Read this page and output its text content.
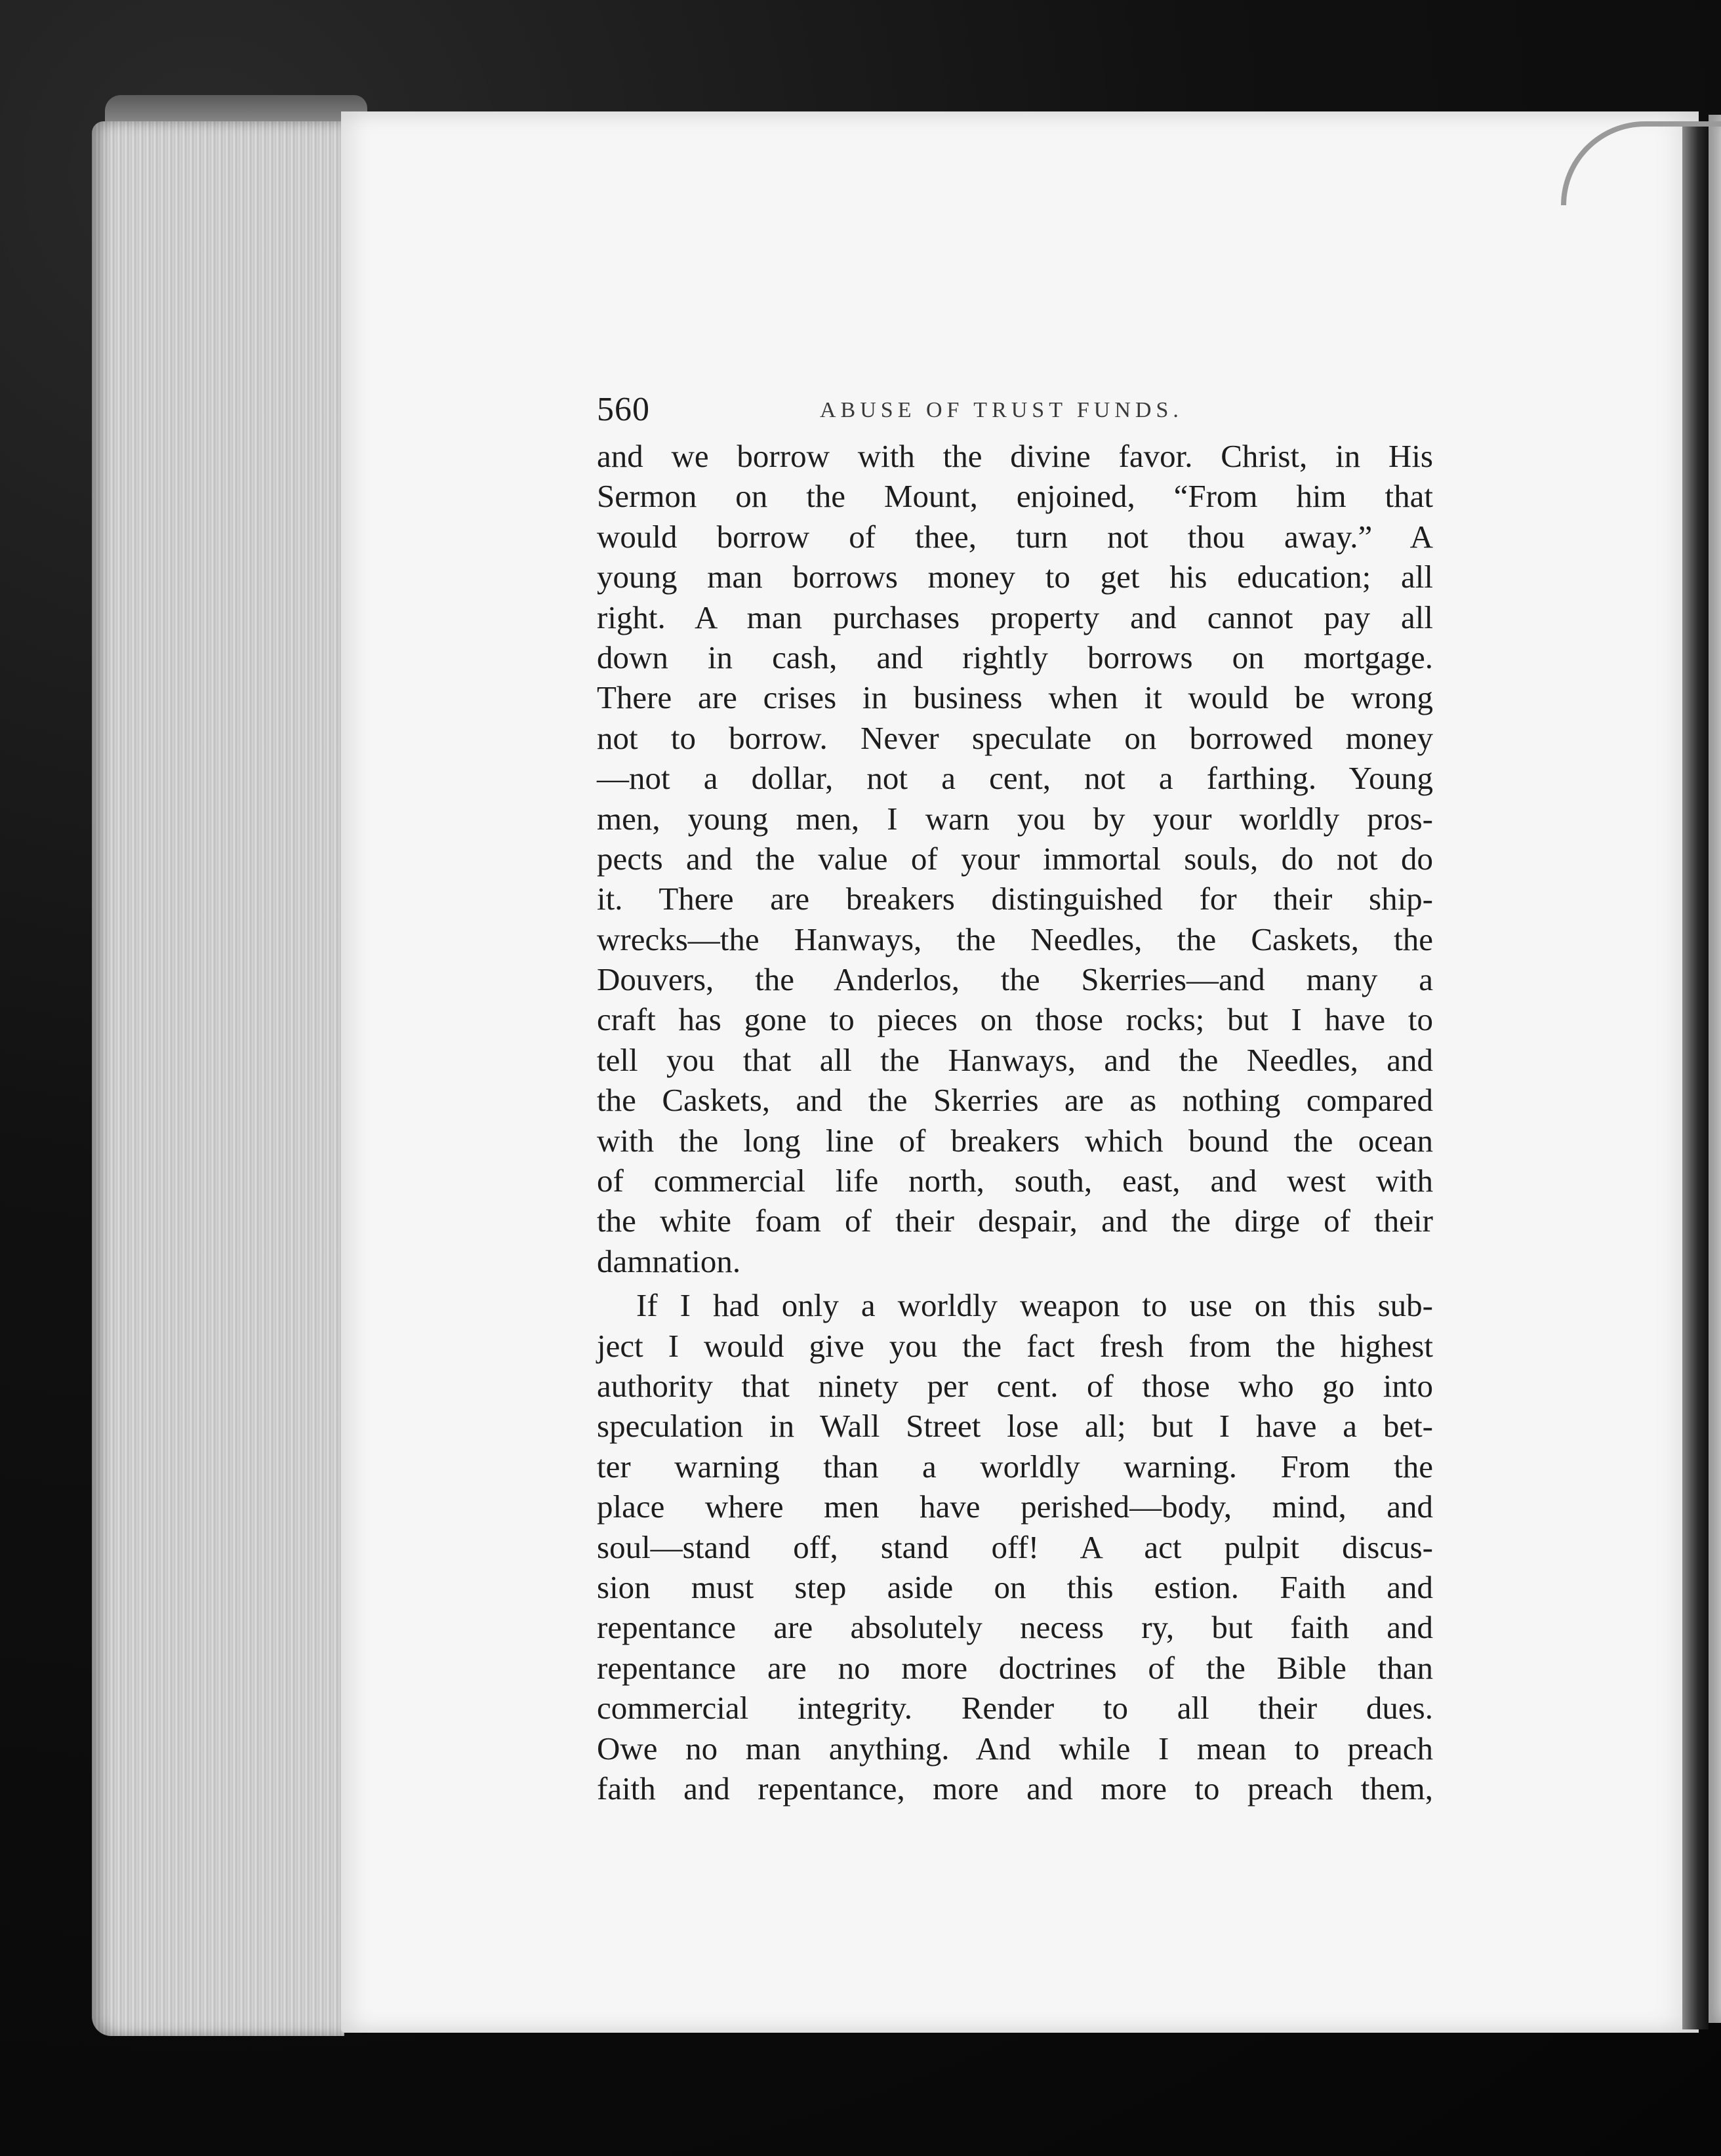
560	ABUSE OF TRUST FUNDS.
and we borrow with the divine favor. Christ, in His
Sermon on the Mount, enjoined, “From him that
would borrow of thee, turn not thou away.” A
young man borrows money to get his education; all
right. A man purchases property and cannot pay all
down in cash, and rightly borrows on mortgage.
There are crises in business when it would be wrong
not to borrow. Never speculate on borrowed money
—not a dollar, not a cent, not a farthing. Young
men, young men, I warn you by your worldly pros-
pects and the value of your immortal souls, do not do
it. There are breakers distinguished for their ship-
wrecks—the Hanways, the Needles, the Caskets, the
Douvers, the Anderlos, the Skerries—and many a
craft has gone to pieces on those rocks; but I have to
tell you that all the Hanways, and the Needles, and
the Caskets, and the Skerries are as nothing compared
with the long line of breakers which bound the ocean
of commercial life north, south, east, and west with
the white foam of their despair, and the dirge of their
damnation.
If I had only a worldly weapon to use on this sub-
ject I would give you the fact fresh from the highest
authority that ninety per cent. of those who go into
speculation in Wall Street lose all; but I have a bet-
ter warning than a worldly warning. From the
place where men have perished—body, mind, and
soul—stand off, stand off! A act pulpit discus-
sion must step aside on this estion. Faith and
repentance are absolutely necess ry, but faith and
repentance are no more doctrines of the Bible than
commercial integrity. Render to all their dues.
Owe no man anything. And while I mean to preach
faith and repentance, more and more to preach them,
